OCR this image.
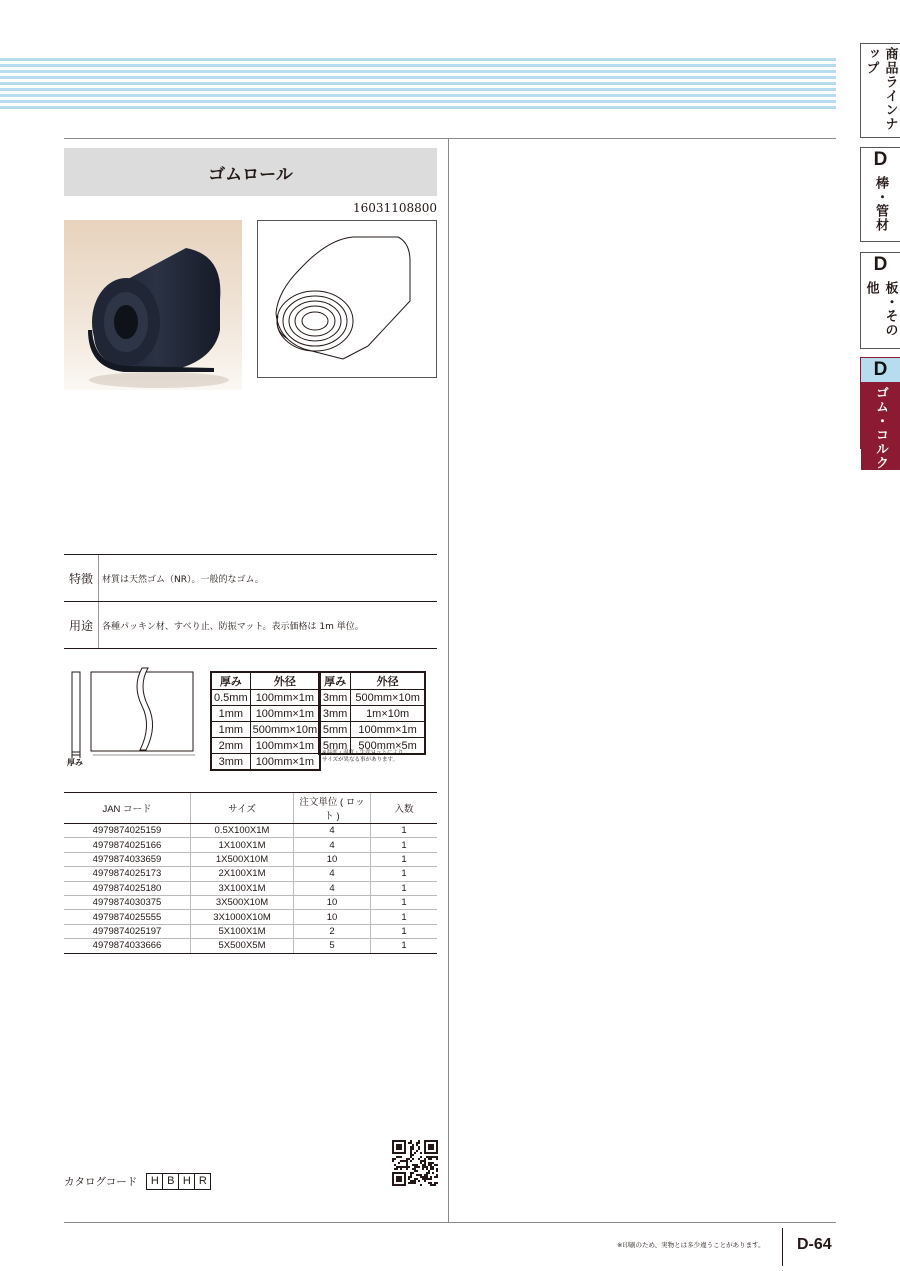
商品ラインナップ
D
棒・管材
D
板・その他
D
ゴム・コルク
ゴムロール
16031108800
特徴	材質は天然ゴム（NR）。一般的なゴム。
用途	各種パッキン材、すべり止、防振マット。表示価格は 1m 単位。
厚み
厚み	外径
0.5mm	100mm×1m
1mm	100mm×1m
1mm	500mm×10m
2mm	100mm×1m
3mm	100mm×1m
厚み	外径
3mm	500mm×10m
3mm	1m×10m
5mm	100mm×1m
5mm	500mm×5m
※温度・湿度・生産ロットにより、
サイズが異なる事があります。
JAN コード	サイズ	注文単位 ( ロット )	入数
4979874025159	0.5X100X1M	4	1
4979874025166	1X100X1M	4	1
4979874033659	1X500X10M	10	1
4979874025173	2X100X1M	4	1
4979874025180	3X100X1M	4	1
4979874030375	3X500X10M	10	1
4979874025555	3X1000X10M	10	1
4979874025197	5X100X1M	2	1
4979874033666	5X500X5M	5	1
カタログコード	H B H R
※印刷のため、実物とは多少違うことがあります。 D-64
